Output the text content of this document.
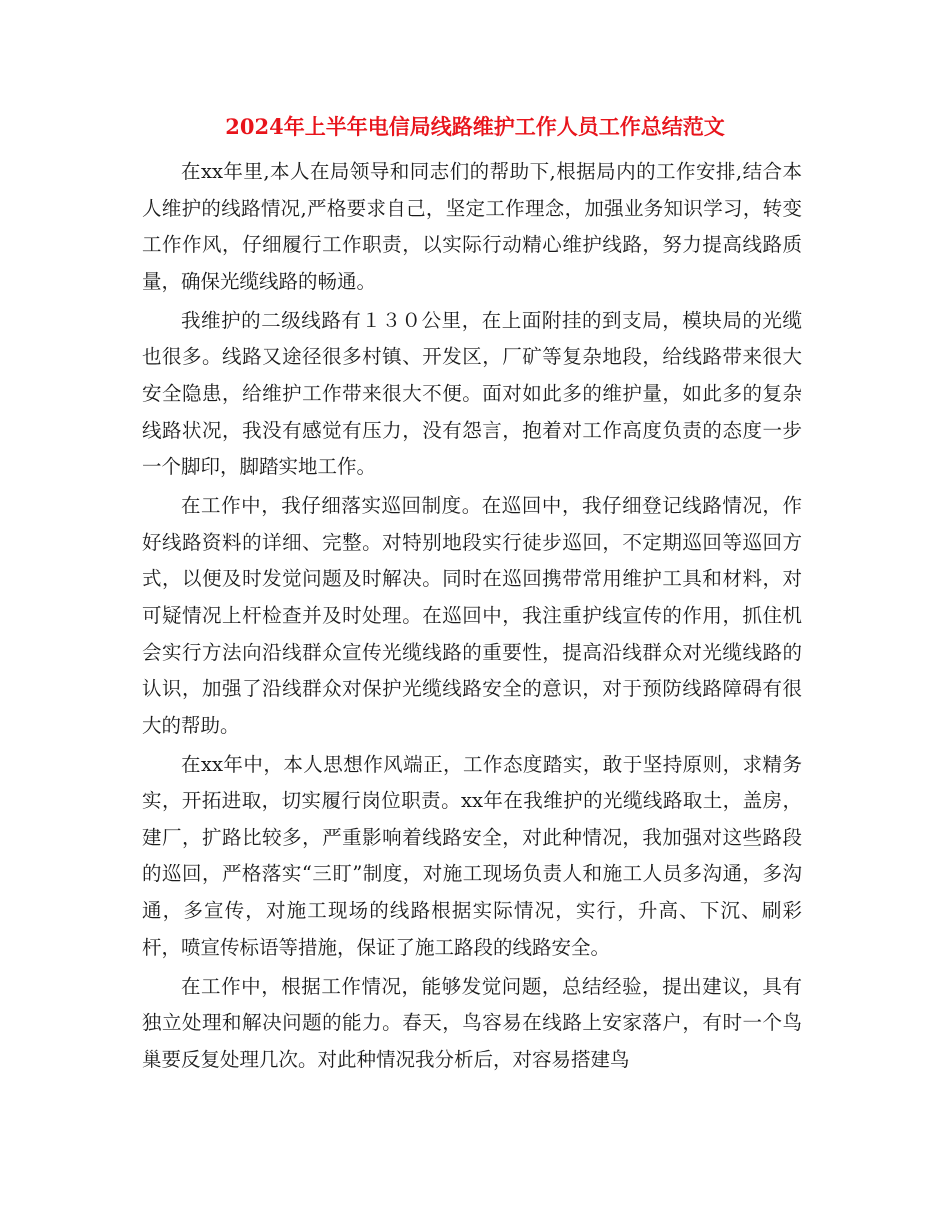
2024年上半年电信局线路维护工作人员工作总结范文

在xx年里,本人在局领导和同志们的帮助下,根据局内的工作安排,结合本人维护的线路情况,严格要求自己，坚定工作理念，加强业务知识学习，转变工作作风，仔细履行工作职责，以实际行动精心维护线路，努力提高线路质量，确保光缆线路的畅通。

我维护的二级线路有１３０公里，在上面附挂的到支局，模块局的光缆也很多。线路又途径很多村镇、开发区，厂矿等复杂地段，给线路带来很大安全隐患，给维护工作带来很大不便。面对如此多的维护量，如此多的复杂线路状况，我没有感觉有压力，没有怨言，抱着对工作高度负责的态度一步一个脚印，脚踏实地工作。

在工作中，我仔细落实巡回制度。在巡回中，我仔细登记线路情况，作好线路资料的详细、完整。对特别地段实行徒步巡回，不定期巡回等巡回方式，以便及时发觉问题及时解决。同时在巡回携带常用维护工具和材料，对可疑情况上杆检查并及时处理。在巡回中，我注重护线宣传的作用，抓住机会实行方法向沿线群众宣传光缆线路的重要性，提高沿线群众对光缆线路的认识，加强了沿线群众对保护光缆线路安全的意识，对于预防线路障碍有很大的帮助。

在xx年中，本人思想作风端正，工作态度踏实，敢于坚持原则，求精务实，开拓进取，切实履行岗位职责。xx年在我维护的光缆线路取土，盖房，建厂，扩路比较多，严重影响着线路安全，对此种情况，我加强对这些路段的巡回，严格落实“三盯”制度，对施工现场负责人和施工人员多沟通，多沟通，多宣传，对施工现场的线路根据实际情况，实行，升高、下沉、刷彩杆，喷宣传标语等措施，保证了施工路段的线路安全。

在工作中，根据工作情况，能够发觉问题，总结经验，提出建议，具有独立处理和解决问题的能力。春天，鸟容易在线路上安家落户，有时一个鸟巢要反复处理几次。对此种情况我分析后，对容易搭建鸟
